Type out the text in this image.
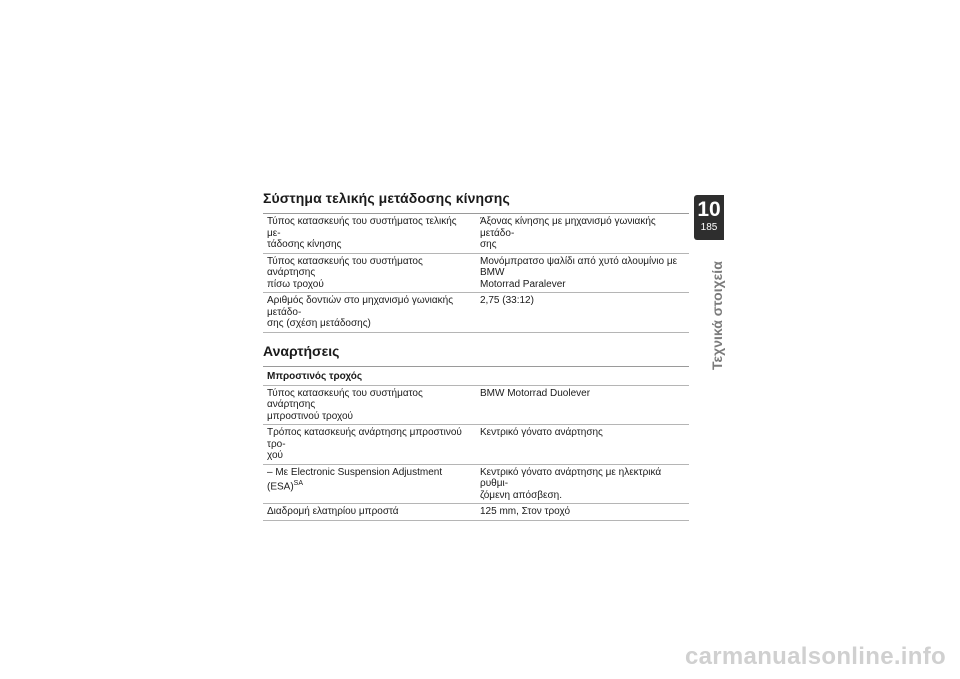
Σύστημα τελικής μετάδοσης κίνησης
Τύπος κατασκευής του συστήματος τελικής με-
τάδοσης κίνησης
Άξονας κίνησης με μηχανισμό γωνιακής μετάδο-
σης
Τύπος κατασκευής του συστήματος ανάρτησης
πίσω τροχού
Μονόμπρατσο ψαλίδι από χυτό αλουμίνιο με BMW
Motorrad Paralever
Αριθμός δοντιών στο μηχανισμό γωνιακής μετάδο-
σης (σχέση μετάδοσης)
2,75 (33:12)
Αναρτήσεις
Μπροστινός τροχός
Τύπος κατασκευής του συστήματος ανάρτησης
μπροστινού τροχού
BMW Motorrad Duolever
Τρόπος κατασκευής ανάρτησης μπροστινού τρο-
χού
Κεντρικό γόνατο ανάρτησης
– Με Electronic Suspension Adjustment (ESA)$^{SA}$
Κεντρικό γόνατο ανάρτησης με ηλεκτρικά ρυθμι-
ζόμενη απόσβεση.
Διαδρομή ελατηρίου μπροστά	125 mm, Στον τροχό
10
185
Τεχνικά στοιχεία
carmanualsonline.info
